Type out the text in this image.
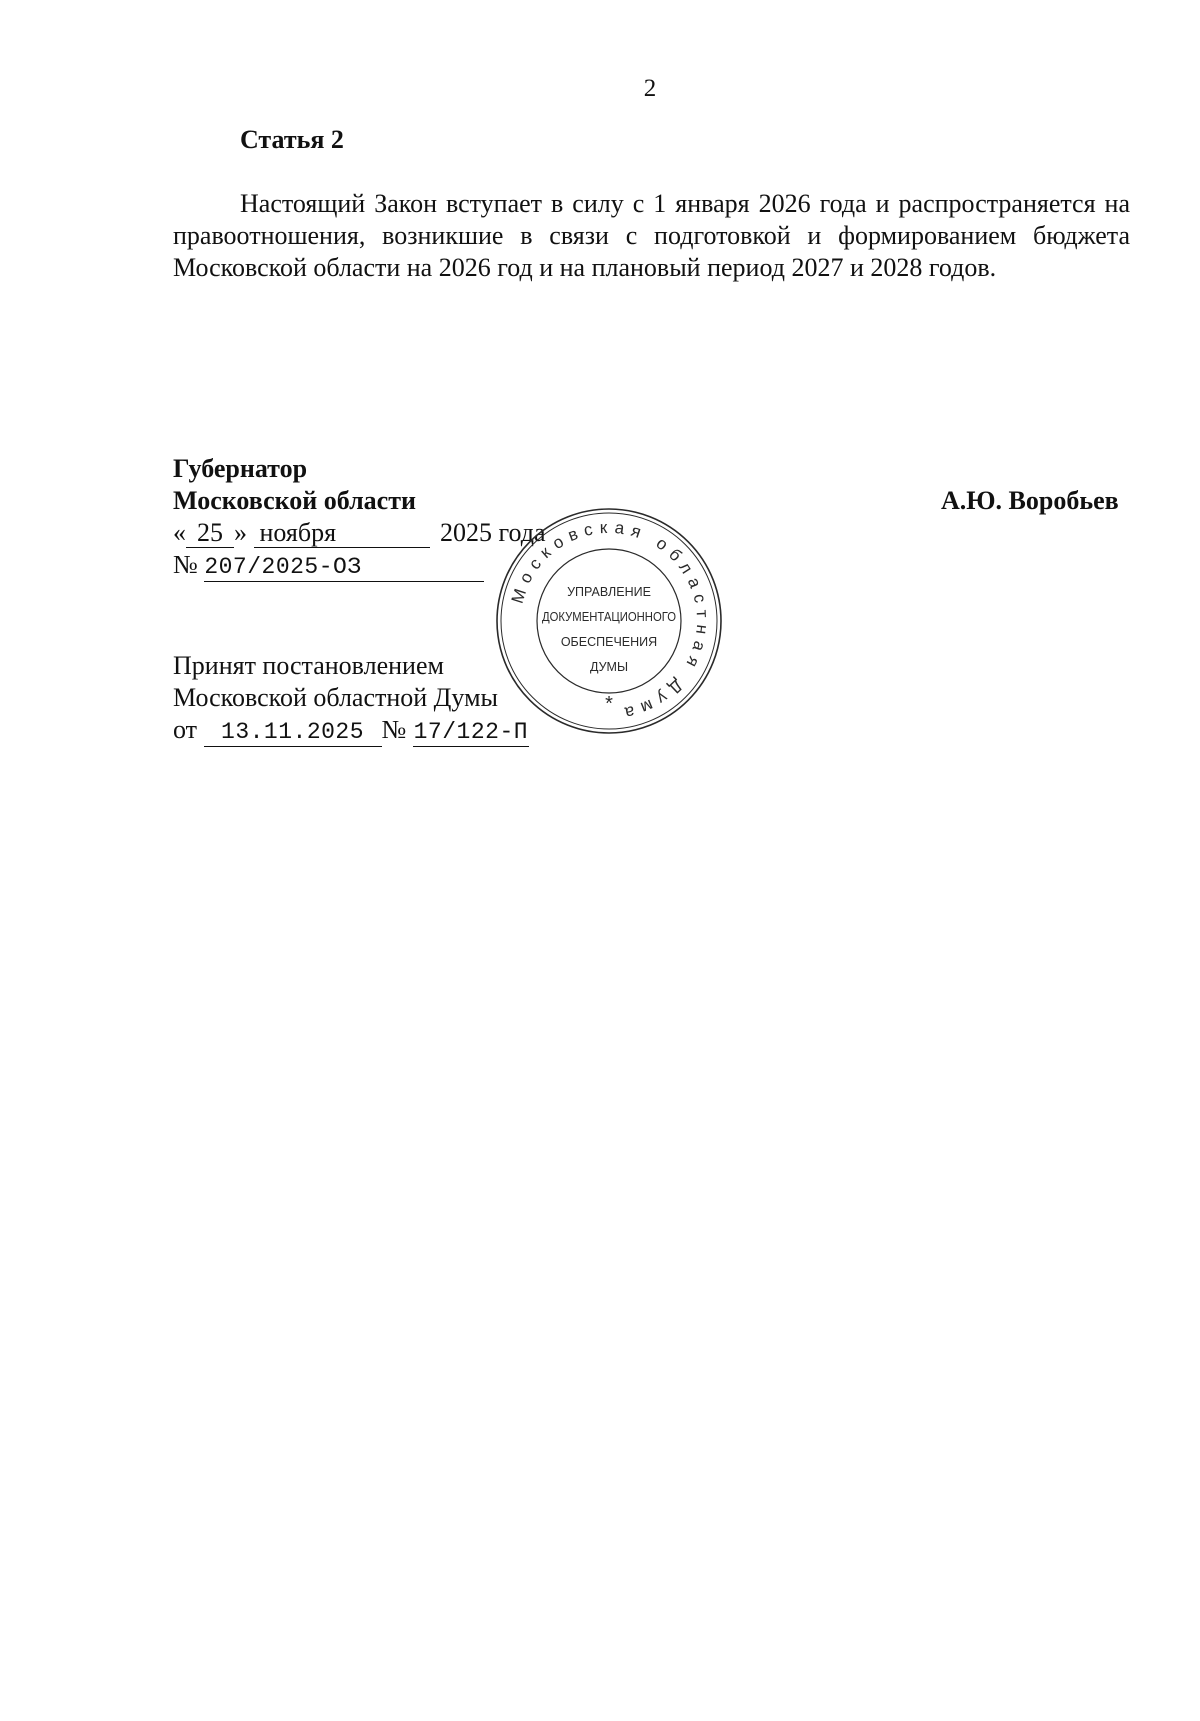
2
Статья 2
Настоящий Закон вступает в силу с 1 января 2026 года и распространяется на правоотношения, возникшие в связи с подготовкой и формированием бюджета Московской области на 2026 год и на плановый период 2027 и 2028 годов.
Губернатор
Московской области	А.Ю. Воробьев
« 25 » ноября	2025 года
№ 207/2025-ОЗ
Принят постановлением
Московской областной Думы
от 13.11.2025 № 17/122-П
Московская областная Дума
*
УПРАВЛЕНИЕ
ДОКУМЕНТАЦИОННОГО
ОБЕСПЕЧЕНИЯ
ДУМЫ
